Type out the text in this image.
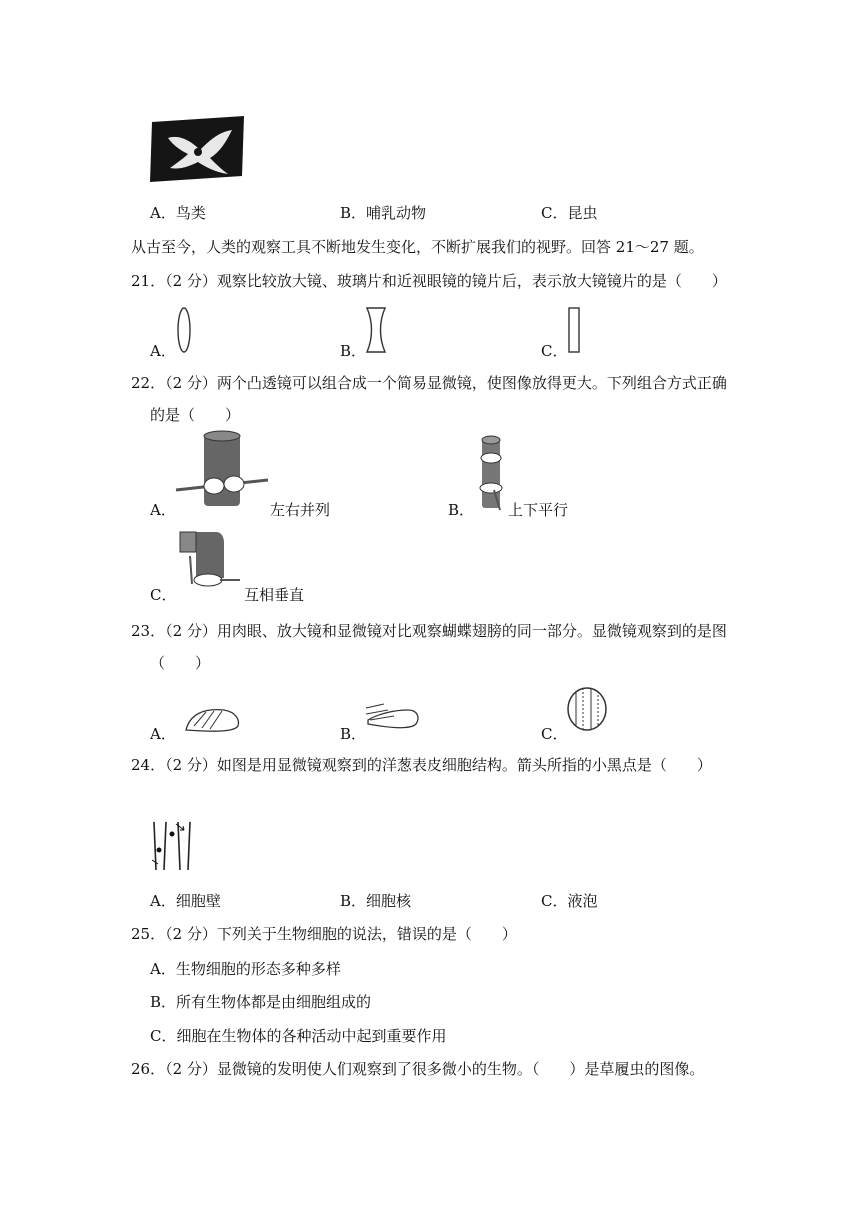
A．鸟类	B．哺乳动物	C．昆虫
从古至今，人类的观察工具不断地发生变化，不断扩展我们的视野。回答 21～27 题。
21．（2 分）观察比较放大镜、玻璃片和近视眼镜的镜片后，表示放大镜镜片的是（　　）
A．	B．	C．
22．（2 分）两个凸透镜可以组合成一个简易显微镜，使图像放得更大。下列组合方式正确
的是（　　）
A．	左右并列	B． 上下平行
C．	互相垂直
23．（2 分）用肉眼、放大镜和显微镜对比观察蝴蝶翅膀的同一部分。显微镜观察到的是图
（　　）
A．	B．	C．
24．（2 分）如图是用显微镜观察到的洋葱表皮细胞结构。箭头所指的小黑点是（　　）
A．细胞壁	B．细胞核	C．液泡
25．（2 分）下列关于生物细胞的说法，错误的是（　　）
A．生物细胞的形态多种多样
B．所有生物体都是由细胞组成的
C．细胞在生物体的各种活动中起到重要作用
26．（2 分）显微镜的发明使人们观察到了很多微小的生物。（　　）是草履虫的图像。
